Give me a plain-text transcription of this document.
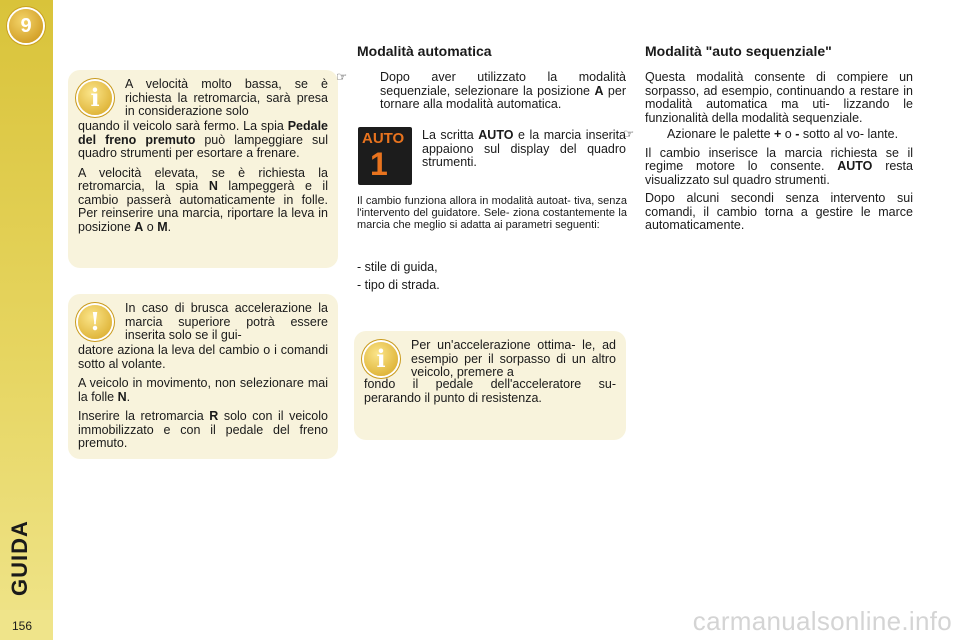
9
GUIDA
156
i	A velocità molto bassa, se è richiesta la retromarcia, sarà presa in considerazione solo

quando il veicolo sarà fermo. La spia Pedale del freno premuto può lampeggiare sul quadro strumenti per esortare a frenare.

A velocità elevata, se è richiesta la retromarcia, la spia N lampeggerà e il cambio passerà automaticamente in folle. Per reinserire una marcia, riportare la leva in posizione A o M.

!	In caso di brusca accelerazione la marcia superiore potrà essere inserita solo se il gui-

datore aziona la leva del cambio o i comandi sotto al volante.

A veicolo in movimento, non selezionare mai la folle N.

Inserire la retromarcia R solo con il veicolo immobilizzato e con il pedale del freno premuto.

Modalità automatica

☞	Dopo aver utilizzato la modalità sequenziale, selezionare la posizione A per tornare alla modalità automatica.

AUTO
1

La scritta AUTO e la marcia inserita appaiono sul display del quadro strumenti.

Il cambio funziona allora in modalità autoat- tiva, senza l'intervento del guidatore. Sele- ziona costantemente la marcia che meglio si adatta ai parametri seguenti:

- stile di guida,

- tipo di strada.

i	Per un'accelerazione ottima- le, ad esempio per il sorpasso di un altro veicolo, premere a

fondo il pedale dell'acceleratore su- perarando il punto di resistenza.

Modalità "auto sequenziale"

Questa modalità consente di compiere un sorpasso, ad esempio, continuando a restare in modalità automatica ma uti- lizzando le funzionalità della modalità sequenziale.

☞	Azionare le palette + o - sotto al vo- lante.

Il cambio inserisce la marcia richiesta se il regime motore lo consente. AUTO resta visualizzato sul quadro strumenti.

Dopo alcuni secondi senza intervento sui comandi, il cambio torna a gestire le marce automaticamente.

carmanualsonline.info
